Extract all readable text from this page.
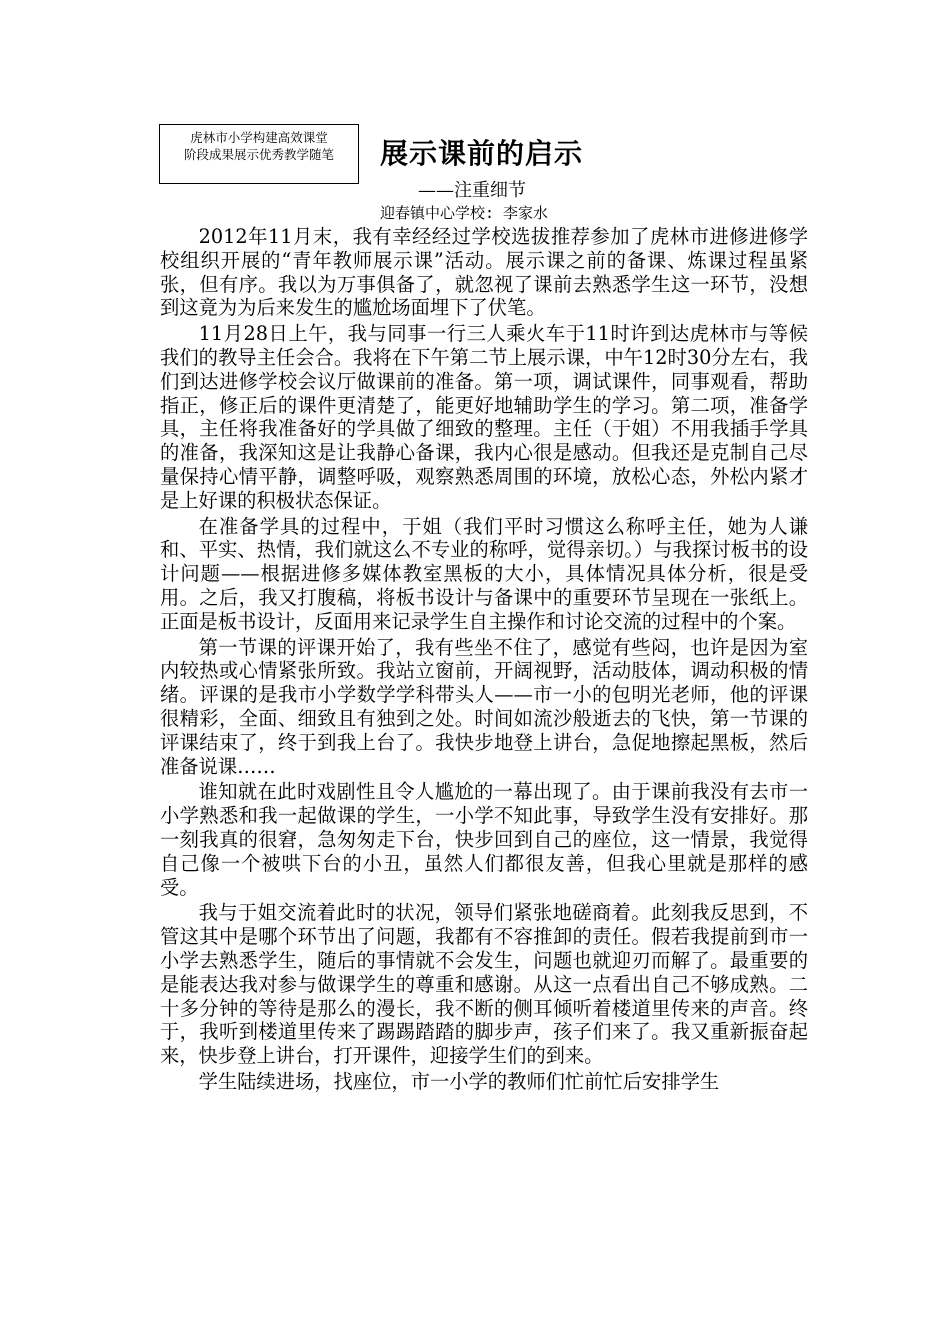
虎林市小学构建高效课堂
阶段成果展示优秀教学随笔	展示课前的启示
——注重细节
迎春镇中心学校: 李家水

2012年11月末，我有幸经经过学校选拔推荐参加了虎林市进修进修学校组织开展的“青年教师展示课”活动。展示课之前的备课、炼课过程虽紧张，但有序。我以为万事俱备了，就忽视了课前去熟悉学生这一环节，没想到这竟为为后来发生的尴尬场面埋下了伏笔。

11月28日上午，我与同事一行三人乘火车于11时许到达虎林市与等候我们的教导主任会合。我将在下午第二节上展示课，中午12时30分左右，我们到达进修学校会议厅做课前的准备。第一项，调试课件，同事观看，帮助指正，修正后的课件更清楚了，能更好地辅助学生的学习。第二项，准备学具，主任将我准备好的学具做了细致的整理。主任（于姐）不用我插手学具的准备，我深知这是让我静心备课，我内心很是感动。但我还是克制自己尽量保持心情平静，调整呼吸，观察熟悉周围的环境，放松心态，外松内紧才是上好课的积极状态保证。

在准备学具的过程中，于姐（我们平时习惯这么称呼主任，她为人谦和、平实、热情，我们就这么不专业的称呼，觉得亲切。）与我探讨板书的设计问题——根据进修多媒体教室黑板的大小，具体情况具体分析，很是受用。之后，我又打腹稿，将板书设计与备课中的重要环节呈现在一张纸上。正面是板书设计，反面用来记录学生自主操作和讨论交流的过程中的个案。

第一节课的评课开始了，我有些坐不住了，感觉有些闷，也许是因为室内较热或心情紧张所致。我站立窗前，开阔视野，活动肢体，调动积极的情绪。评课的是我市小学数学学科带头人——市一小的包明光老师，他的评课很精彩，全面、细致且有独到之处。时间如流沙般逝去的飞快，第一节课的评课结束了，终于到我上台了。我快步地登上讲台，急促地擦起黑板，然后准备说课……

谁知就在此时戏剧性且令人尴尬的一幕出现了。由于课前我没有去市一小学熟悉和我一起做课的学生，一小学不知此事，导致学生没有安排好。那一刻我真的很窘，急匆匆走下台，快步回到自己的座位，这一情景，我觉得自己像一个被哄下台的小丑，虽然人们都很友善，但我心里就是那样的感受。

我与于姐交流着此时的状况，领导们紧张地磋商着。此刻我反思到，不管这其中是哪个环节出了问题，我都有不容推卸的责任。假若我提前到市一小学去熟悉学生，随后的事情就不会发生，问题也就迎刃而解了。最重要的是能表达我对参与做课学生的尊重和感谢。从这一点看出自己不够成熟。二十多分钟的等待是那么的漫长，我不断的侧耳倾听着楼道里传来的声音。终于，我听到楼道里传来了踢踢踏踏的脚步声，孩子们来了。我又重新振奋起来，快步登上讲台，打开课件，迎接学生们的到来。

学生陆续进场，找座位，市一小学的教师们忙前忙后安排学生
